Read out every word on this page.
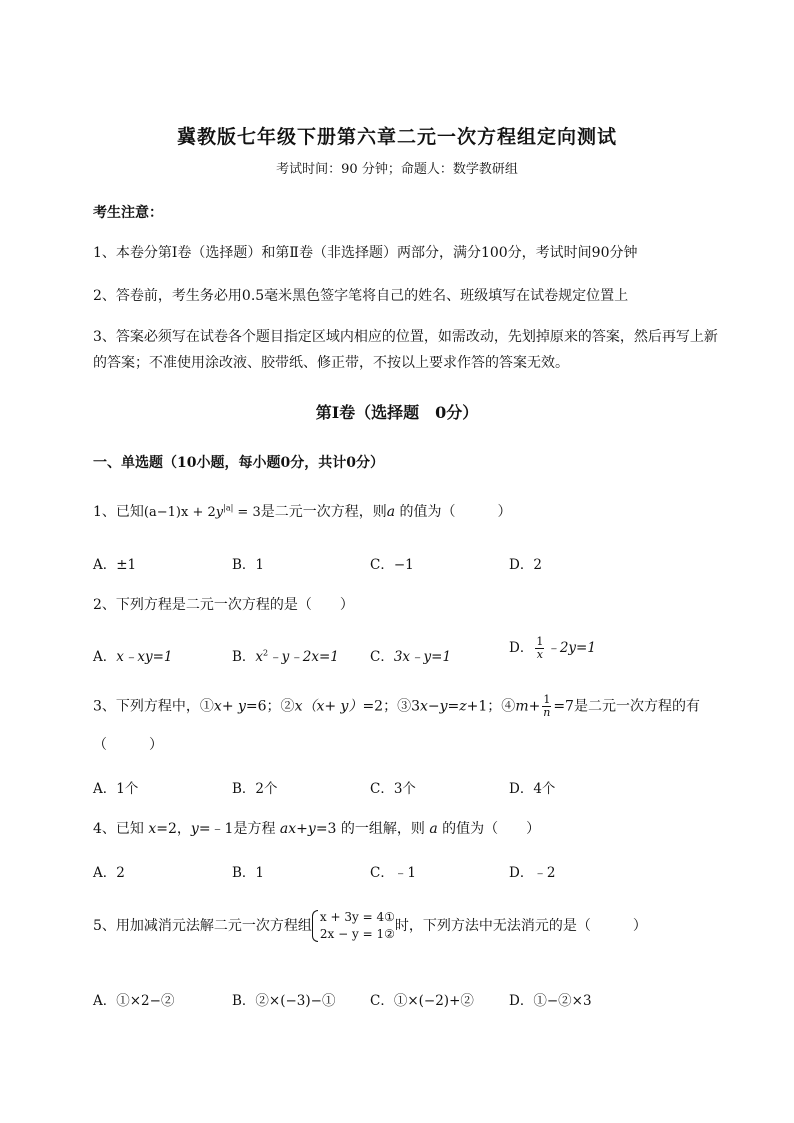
冀教版七年级下册第六章二元一次方程组定向测试
考试时间：90 分钟；命题人：数学教研组
考生注意：
1、本卷分第Ⅰ卷（选择题）和第Ⅱ卷（非选择题）两部分，满分100分，考试时间90分钟
2、答卷前，考生务必用0.5毫米黑色签字笔将自己的姓名、班级填写在试卷规定位置上
3、答案必须写在试卷各个题目指定区域内相应的位置，如需改动，先划掉原来的答案，然后再写上新
的答案；不准使用涂改液、胶带纸、修正带，不按以上要求作答的答案无效。
第Ⅰ卷（选择题　0分）
一、单选题（10小题，每小题0分，共计0分）
1、已知$(a-1)x + 2y^{|a|} = 3$是二元一次方程，则a 的值为（　　　）
A．±1	B．1	C．−1	D．2
2、下列方程是二元一次方程的是（　　）
A．x﹣xy=1	B．$x^2﹣y﹣2x=1$ C．3x﹣y=1
D． $\frac{1}{x}$ ﹣2y=1
3、下列方程中，①x+ y=6；②x（x+ y）=2；③3x−y=z+1；④m+ $\frac{1}{n} =7$是二元一次方程的有
（　　　）
A．1个	B．2个	C．3个	D．4个
4、已知 x=2，y=﹣1是方程 ax+y=3 的一组解，则 a 的值为（　　）
A．2	B．1	C．﹣1	D．﹣2
5、用加减消元法解二元一次方程组
x + 3y = 4①
2x − y = 1② 时，下列方法中无法消元的是（　　　）
A．①×2−②	B．②×(−3)−①	C．①×(−2)+②	D．①−②×3
